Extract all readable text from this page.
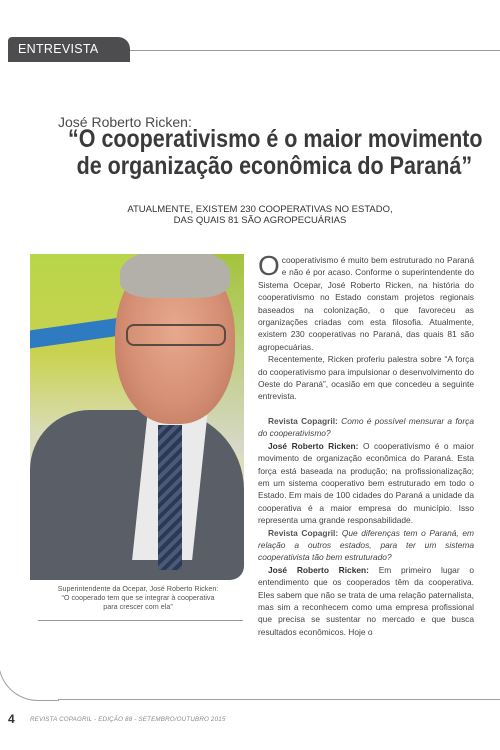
ENTREVISTA
José Roberto Ricken:
“O cooperativismo é o maior movimento
de organização econômica do Paraná”
ATUALMENTE, EXISTEM 230 COOPERATIVAS NO ESTADO,
DAS QUAIS 81 SÃO AGROPECUÁRIAS
Superintendente da Ocepar, José Roberto Ricken:
“O cooperado tem que se integrar à cooperativa
para crescer com ela”

Ocooperativismo é muito bem estruturado no Paraná e não é por acaso. Conforme o superintendente do Sistema Ocepar, José Roberto Ricken, na história do cooperativismo no Estado constam projetos regionais baseados na colonização, o que favoreceu as organizações criadas com esta filosofia. Atualmente, existem 230 cooperativas no Paraná, das quais 81 são agropecuárias.

Recentemente, Ricken proferiu palestra sobre “A força do cooperativismo para impulsionar o desenvolvimento do Oeste do Paraná”, ocasião em que concedeu a seguinte entrevista.

Revista Copagril: Como é possível mensurar a força do cooperativismo?

José Roberto Ricken: O cooperativismo é o maior movimento de organização econômica do Paraná. Esta força está baseada na produção; na profissionalização; em um sistema cooperativo bem estruturado em todo o Estado. Em mais de 100 cidades do Paraná a unidade da cooperativa é a maior empresa do município. Isso representa uma grande responsabilidade.

Revista Copagril: Que diferenças tem o Paraná, em relação a outros estados, para ter um sistema cooperativista tão bem estruturado?

José Roberto Ricken: Em primeiro lugar o entendimento que os cooperados têm da cooperativa. Eles sabem que não se trata de uma relação paternalista, mas sim a reconhecem como uma empresa profissional que precisa se sustentar no mercado e que busca resultados econômicos. Hoje o

4 REVISTA COPAGRIL - EDIÇÃO 88 - SETEMBRO/OUTUBRO 2015
